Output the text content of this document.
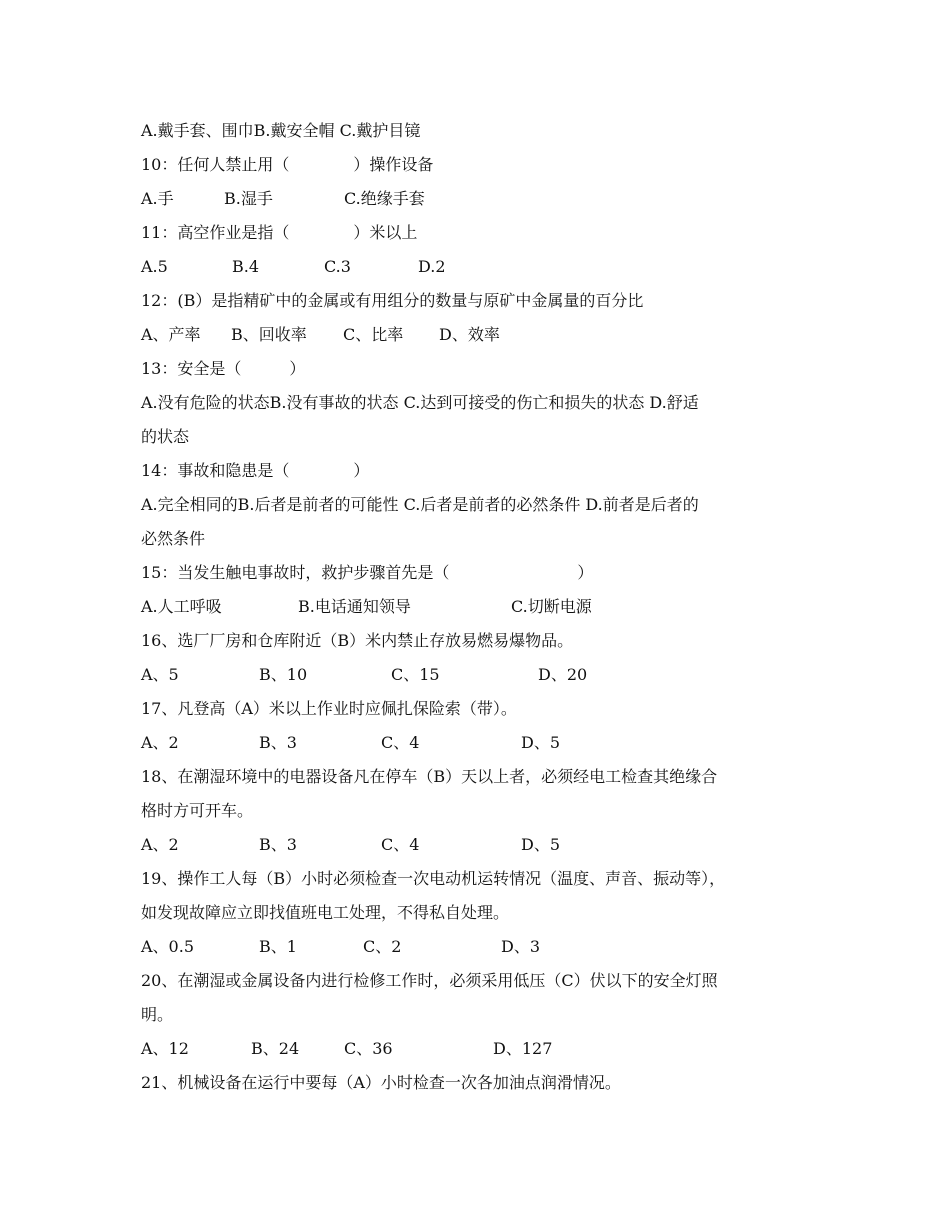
A.戴手套、围巾B.戴安全帽 C.戴护目镜
10：任何人禁止用（　　　　）操作设备
A.手	B.湿手	C.绝缘手套
11：高空作业是指（　　　　）米以上
A.5	B.4	C.3	D.2
12：(B）是指精矿中的金属或有用组分的数量与原矿中金属量的百分比
A、产率 B、回收率 C、比率 D、效率
13：安全是（　　　）
A.没有危险的状态B.没有事故的状态 C.达到可接受的伤亡和损失的状态 D.舒适
的状态
14：事故和隐患是（　　　　）
A.完全相同的B.后者是前者的可能性 C.后者是前者的必然条件 D.前者是后者的
必然条件
15：当发生触电事故时，救护步骤首先是（　　　　　　　　）
A.人工呼吸	B.电话通知领导	C.切断电源
16、选厂厂房和仓库附近（B）米内禁止存放易燃易爆物品。
A、5	B、10	C、15	D、20
17、凡登高（A）米以上作业时应佩扎保险索（带）。
A、2	B、3	C、4	D、5
18、在潮湿环境中的电器设备凡在停车（B）天以上者，必须经电工检查其绝缘合
格时方可开车。
A、2	B、3	C、4	D、5
19、操作工人每（B）小时必须检查一次电动机运转情况（温度、声音、振动等），
如发现故障应立即找值班电工处理，不得私自处理。
A、0.5	B、1	C、2	D、3
20、在潮湿或金属设备内进行检修工作时，必须采用低压（C）伏以下的安全灯照
明。
A、12	B、24	C、36	D、127
21、机械设备在运行中要每（A）小时检查一次各加油点润滑情况。
